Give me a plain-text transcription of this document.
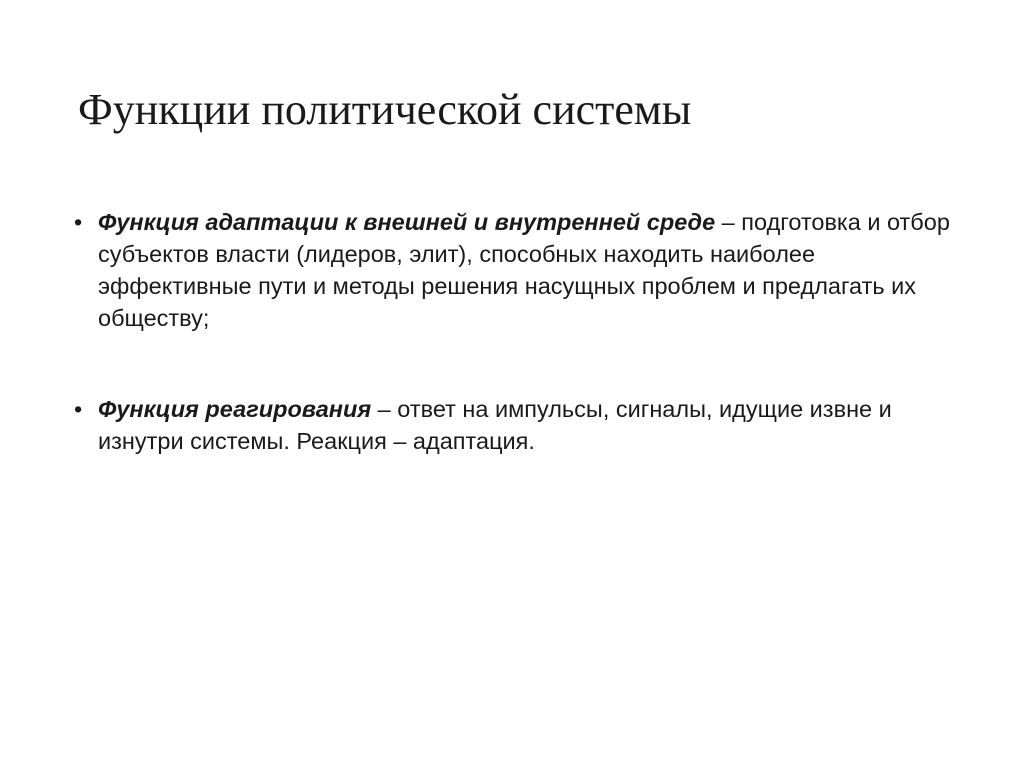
Функции политической системы
• Функция адаптации к внешней и внутренней среде – подготовка и отбор субъектов власти (лидеров, элит), способных находить наиболее эффективные пути и методы решения насущных проблем и предлагать их обществу;
• Функция реагирования – ответ на импульсы, сигналы, идущие извне и изнутри системы. Реакция – адаптация.
